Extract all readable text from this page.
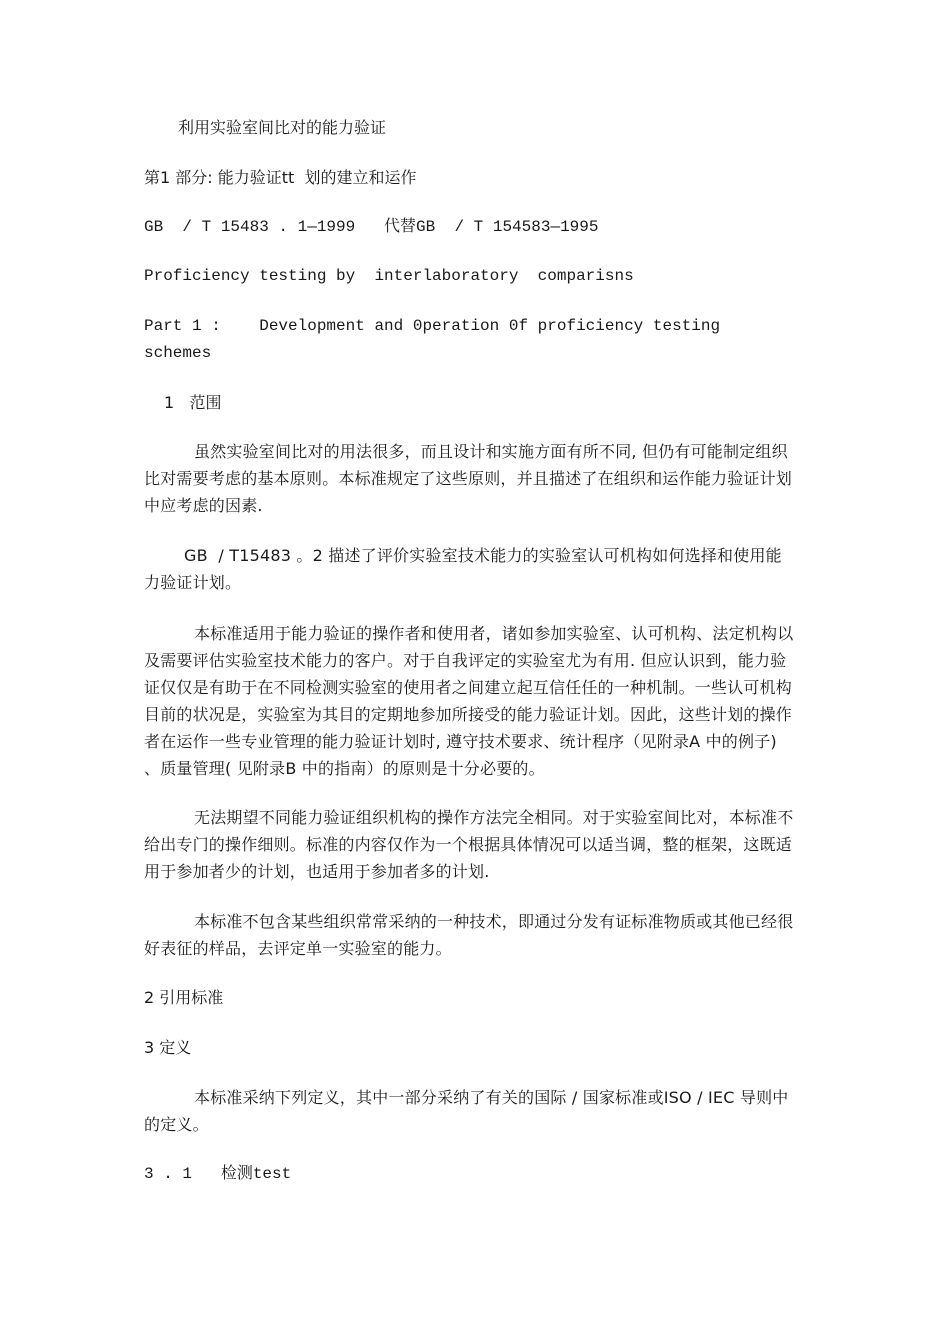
利用实验室间比对的能力验证

第1 部分: 能力验证tt  划的建立和运作

GB  / T 15483 . 1—1999   代替GB  / T 154583—1995

Proficiency testing by  interlaboratory  comparisns

Part 1 :    Development and 0peration 0f proficiency testing schemes

1   范围

虽然实验室间比对的用法很多，而且设计和实施方面有所不同, 但仍有可能制定组织比对需要考虑的基本原则。本标准规定了这些原则，并且描述了在组织和运作能力验证计划中应考虑的因素.

GB  / T15483 。2 描述了评价实验室技术能力的实验室认可机构如何选择和使用能力验证计划。

本标准适用于能力验证的操作者和使用者，诸如参加实验室、认可机构、法定机构以及需要评估实验室技术能力的客户。对于自我评定的实验室尤为有用. 但应认识到，能力验证仅仅是有助于在不同检测实验室的使用者之间建立起互信任任的一种机制。一些认可机构目前的状况是，实验室为其目的定期地参加所接受的能力验证计划。因此，这些计划的操作者在运作一些专业管理的能力验证计划时, 遵守技术要求、统计程序（见附录A 中的例子) 、质量管理( 见附录B 中的指南）的原则是十分必要的。

无法期望不同能力验证组织机构的操作方法完全相同。对于实验室间比对，本标准不给出专门的操作细则。标准的内容仅作为一个根据具体情况可以适当调，整的框架，这既适用于参加者少的计划，也适用于参加者多的计划.

本标准不包含某些组织常常采纳的一种技术，即通过分发有证标准物质或其他已经很好表征的样品，去评定单一实验室的能力。

2 引用标准

3 定义

本标准采纳下列定义，其中一部分采纳了有关的国际 / 国家标准或ISO / IEC 导则中的定义。

3 . 1   检测test
